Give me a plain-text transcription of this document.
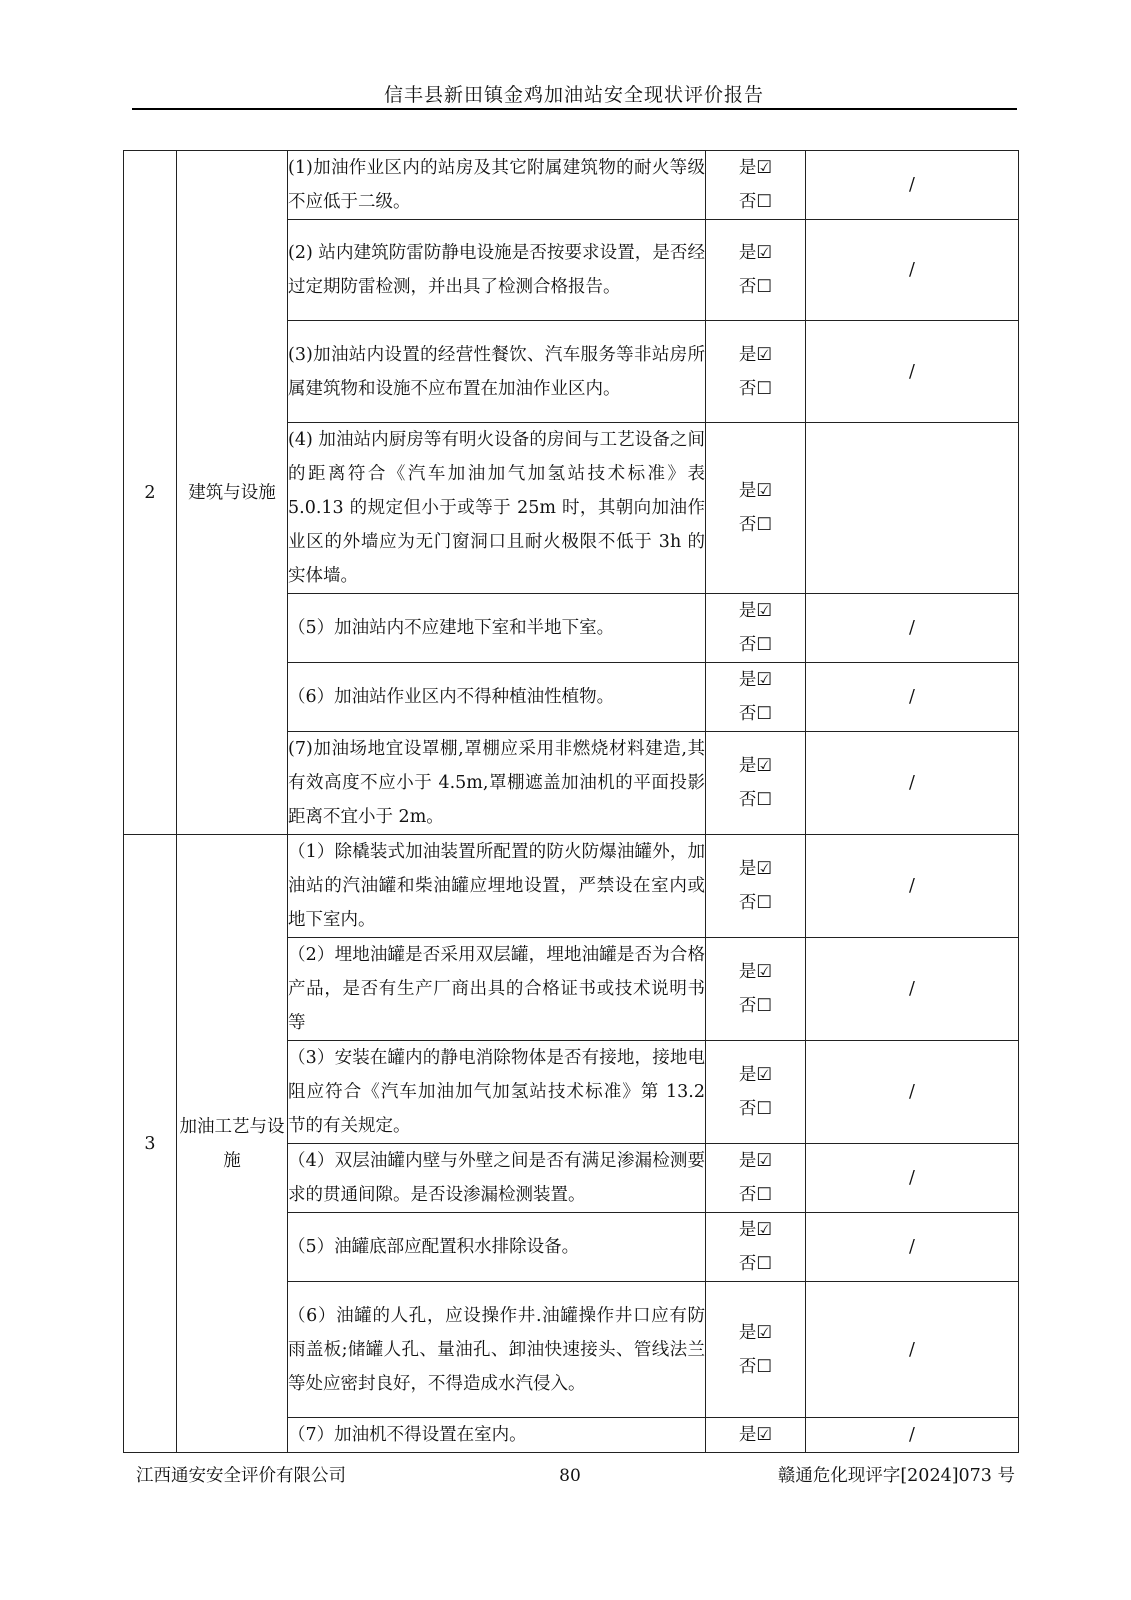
信丰县新田镇金鸡加油站安全现状评价报告
2	建筑与设施	(1)加油作业区内的站房及其它附属建筑物的耐火等级不应低于二级。	是☑
否☐	/
		(2) 站内建筑防雷防静电设施是否按要求设置，是否经过定期防雷检测，并出具了检测合格报告。	是☑
否☐	/
		(3)加油站内设置的经营性餐饮、汽车服务等非站房所属建筑物和设施不应布置在加油作业区内。	是☑
否☐	/
		(4) 加油站内厨房等有明火设备的房间与工艺设备之间的距离符合《汽车加油加气加氢站技术标准》表 5.0.13 的规定但小于或等于 25m 时，其朝向加油作业区的外墙应为无门窗洞口且耐火极限不低于 3h 的实体墙。	是☑
否☐	

		（5）加油站内不应建地下室和半地下室。	是☑
否☐	/
		（6）加油站作业区内不得种植油性植物。	是☑
否☐	/
		(7)加油场地宜设罩棚,罩棚应采用非燃烧材料建造,其有效高度不应小于 4.5m,罩棚遮盖加油机的平面投影距离不宜小于 2m。	是☑
否☐	/
3	加油工艺与设施	（1）除橇装式加油装置所配置的防火防爆油罐外，加油站的汽油罐和柴油罐应埋地设置，严禁设在室内或地下室内。	是☑
否☐	/
		（2）埋地油罐是否采用双层罐，埋地油罐是否为合格产品，是否有生产厂商出具的合格证书或技术说明书等	是☑
否☐	/
		（3）安装在罐内的静电消除物体是否有接地，接地电阻应符合《汽车加油加气加氢站技术标准》第 13.2 节的有关规定。	是☑
否☐	/
		（4）双层油罐内壁与外壁之间是否有满足渗漏检测要求的贯通间隙。是否设渗漏检测装置。	是☑
否☐	/
		（5）油罐底部应配置积水排除设备。	是☑
否☐	/
		（6）油罐的人孔，应设操作井.油罐操作井口应有防雨盖板;储罐人孔、量油孔、卸油快速接头、管线法兰等处应密封良好，不得造成水汽侵入。	是☑
否☐	/
		（7）加油机不得设置在室内。	是☑	/
江西通安安全评价有限公司	80	赣通危化现评字[2024]073 号
